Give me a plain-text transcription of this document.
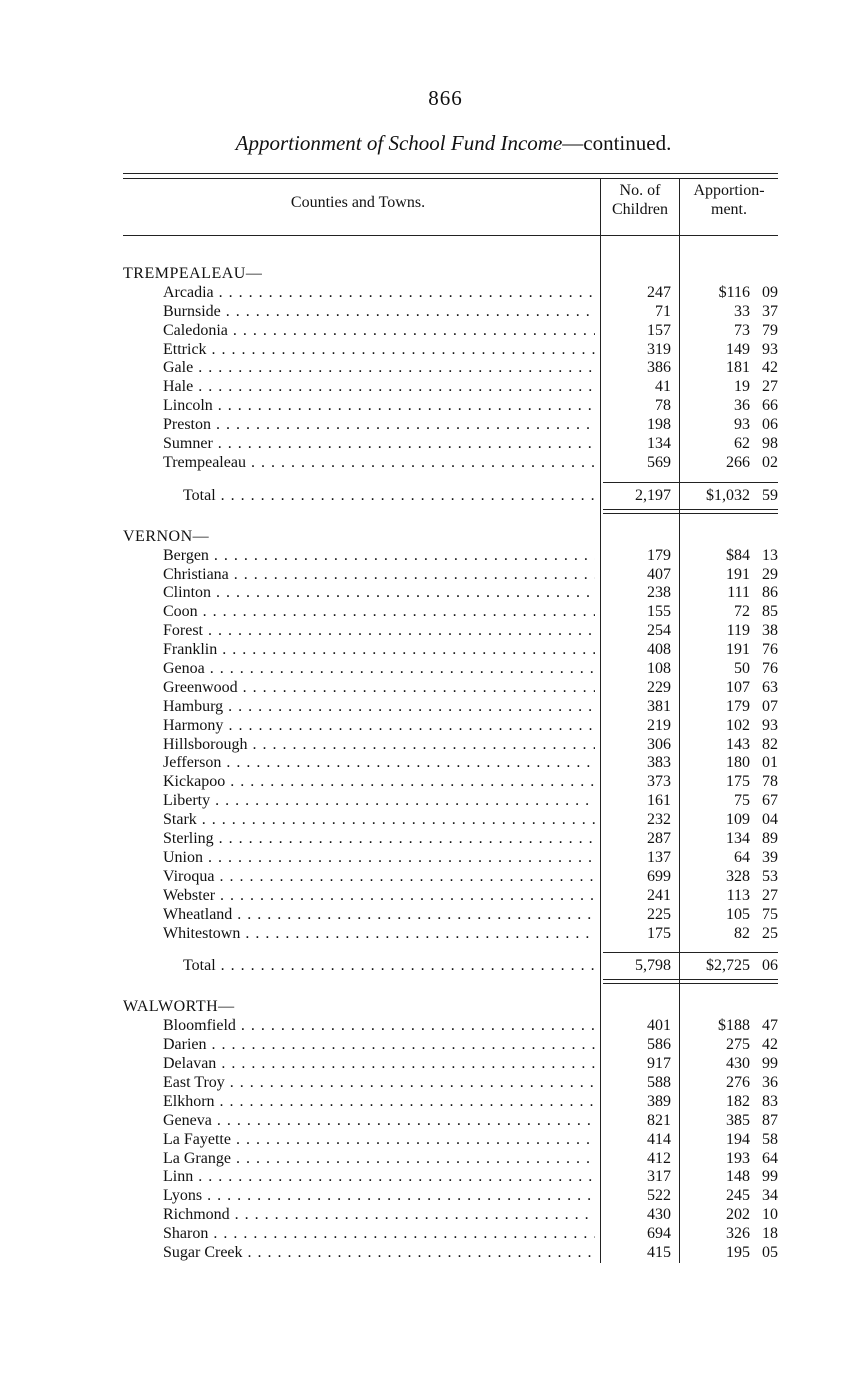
866
Apportionment of School Fund Income—continued.
Counties and Towns.
No. of
Children
Apportion-
ment.
TREMPEALEAU—
Arcadia . . .	247	$116 09
Burnside . . .	71	33 37
Caledonia . . .	157	73 79
Ettrick . . .	319	149 93
Gale . . .	386	181 42
Hale . . .	41	19 27
Lincoln . . .	78	36 66
Preston . . .	198	93 06
Sumner . . .	134	62 98
Trempealeau . . .	569	266 02
Total . . .	2,197 $1,032 59
VERNON—
Bergen . . .	179	$84 13
Christiana . . .	407	191 29
Clinton . . .	238	111 86
Coon . . .	155	72 85
Forest . . .	254	119 38
Franklin . . .	408	191 76
Genoa . . .	108	50 76
Greenwood . . .	229	107 63
Hamburg . . .	381	179 07
Harmony . . .	219	102 93
Hillsborough . . .	306	143 82
Jefferson . . .	383	180 01
Kickapoo . . .	373	175 78
Liberty . . .	161	75 67
Stark . . .	232	109 04
Sterling . . .	287	134 89
Union . . .	137	64 39
Viroqua . . .	699	328 53
Webster . . .	241	113 27
Wheatland . . .	225	105 75
Whitestown . . .	175	82 25
Total . . .	5,798 $2,725 06
WALWORTH—
Bloomfield . . .	401	$188 47
Darien . . .	586	275 42
Delavan . . .	917	430 99
East Troy . . .	588	276 36
Elkhorn . . .	389	182 83
Geneva . . .	821	385 87
La Fayette . . .	414	194 58
La Grange . . .	412	193 64
Linn . . .	317	148 99
Lyons . . .	522	245 34
Richmond . . .	430	202 10
Sharon . . .	694	326 18
Sugar Creek . . .	415	195 05
